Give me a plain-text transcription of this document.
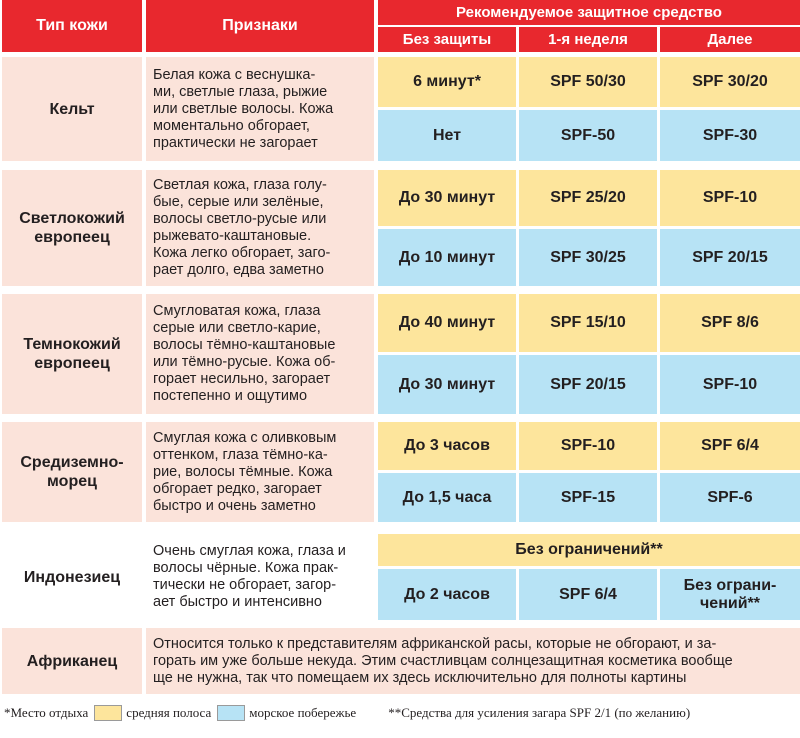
Тип кожи	Признаки
Рекомендуемое защитное средство
Без защиты	1-я неделя	Далее
Кельт
Белая кожа с веснушка-
ми, светлые глаза, рыжие
или светлые волосы. Кожа
моментально обгорает,
практически не загорает
6 минут*	SPF 50/30	SPF 30/20
Нет	SPF-50	SPF-30
Светлокожий европеец
Светлая кожа, глаза голу-
бые, серые или зелёные,
волосы светло-русые или
рыжевато-каштановые.
Кожа легко обгорает, заго-
рает долго, едва заметно
До 30 минут	SPF 25/20	SPF-10
До 10 минут	SPF 30/25	SPF 20/15
Темнокожий европеец
Смугловатая кожа, глаза
серые или светло-карие,
волосы тёмно-каштановые
или тёмно-русые. Кожа об-
горает несильно, загорает
постепенно и ощутимо
До 40 минут	SPF 15/10	SPF 8/6
До 30 минут	SPF 20/15	SPF-10
Средиземно- морец
Смуглая кожа с оливковым
оттенком, глаза тёмно-ка-
рие, волосы тёмные. Кожа
обгорает редко, загорает
быстро и очень заметно
До 3 часов	SPF-10	SPF 6/4
До 1,5 часа	SPF-15	SPF-6
Индонезиец
Очень смуглая кожа, глаза и
волосы чёрные. Кожа прак-
тически не обгорает, загор-
ает быстро и интенсивно
Без ограничений**
До 2 часов	SPF 6/4
Без ограни-
чений**
Африканец
Относится только к представителям африканской расы, которые не обгорают, и за-
горать им уже больше некуда. Этим счастливцам солнцезащитная косметика вообще
ще не нужна, так что помещаем их здесь исключительно для полноты картины
*Место отдыха	средняя полоса	морское побережье **Средства для усиления загара SPF 2/1 (по желанию)
